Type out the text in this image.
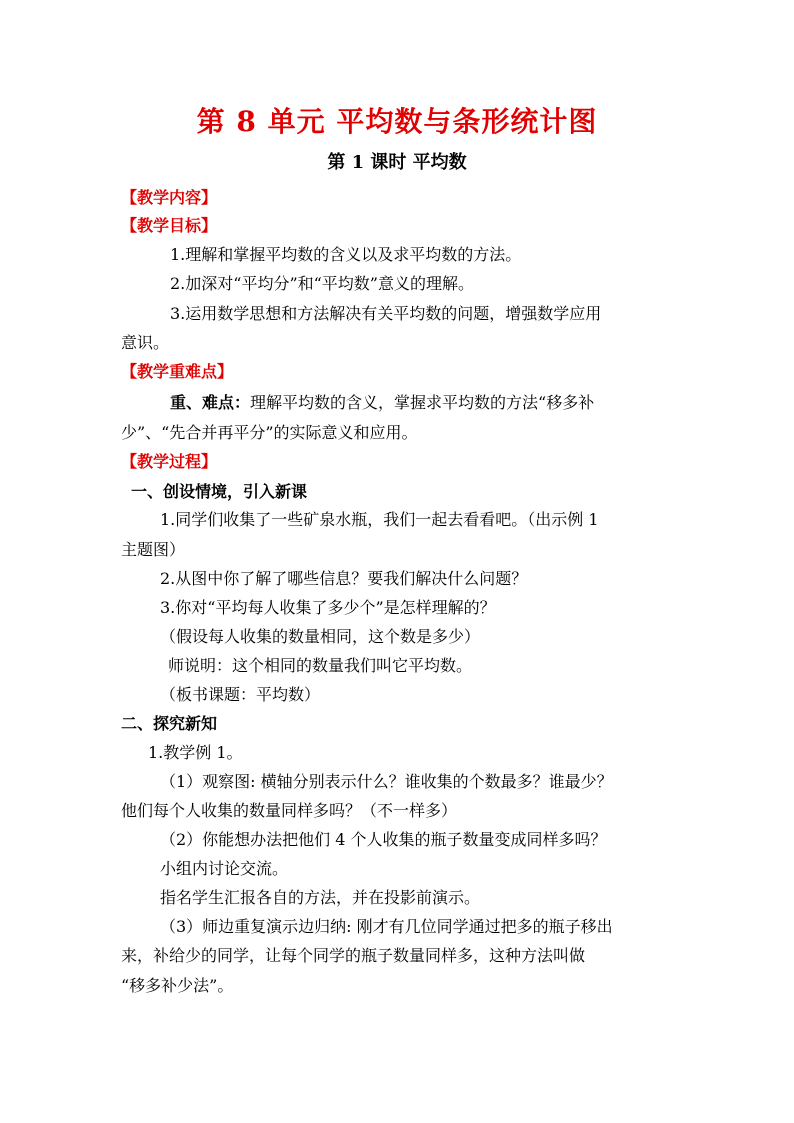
第 8 单元 平均数与条形统计图
第 1 课时 平均数
【教学内容】
【教学目标】
1.理解和掌握平均数的含义以及求平均数的方法。
2.加深对“平均分”和“平均数”意义的理解。
3.运用数学思想和方法解决有关平均数的问题，增强数学应用
意识。
【教学重难点】
重、难点：理解平均数的含义，掌握求平均数的方法“移多补
少”、“先合并再平分”的实际意义和应用。
【教学过程】
一、创设情境，引入新课
1.同学们收集了一些矿泉水瓶，我们一起去看看吧。（出示例 1
主题图）
2.从图中你了解了哪些信息？要我们解决什么问题？
3.你对“平均每人收集了多少个”是怎样理解的？
（假设每人收集的数量相同，这个数是多少）
师说明：这个相同的数量我们叫它平均数。
（板书课题：平均数）
二、探究新知
1.教学例 1。
（1）观察图: 横轴分别表示什么？谁收集的个数最多？谁最少？
他们每个人收集的数量同样多吗？（不一样多）
（2）你能想办法把他们 4 个人收集的瓶子数量变成同样多吗？
小组内讨论交流。
指名学生汇报各自的方法，并在投影前演示。
（3）师边重复演示边归纳: 刚才有几位同学通过把多的瓶子移出
来，补给少的同学，让每个同学的瓶子数量同样多，这种方法叫做
“移多补少法”。
